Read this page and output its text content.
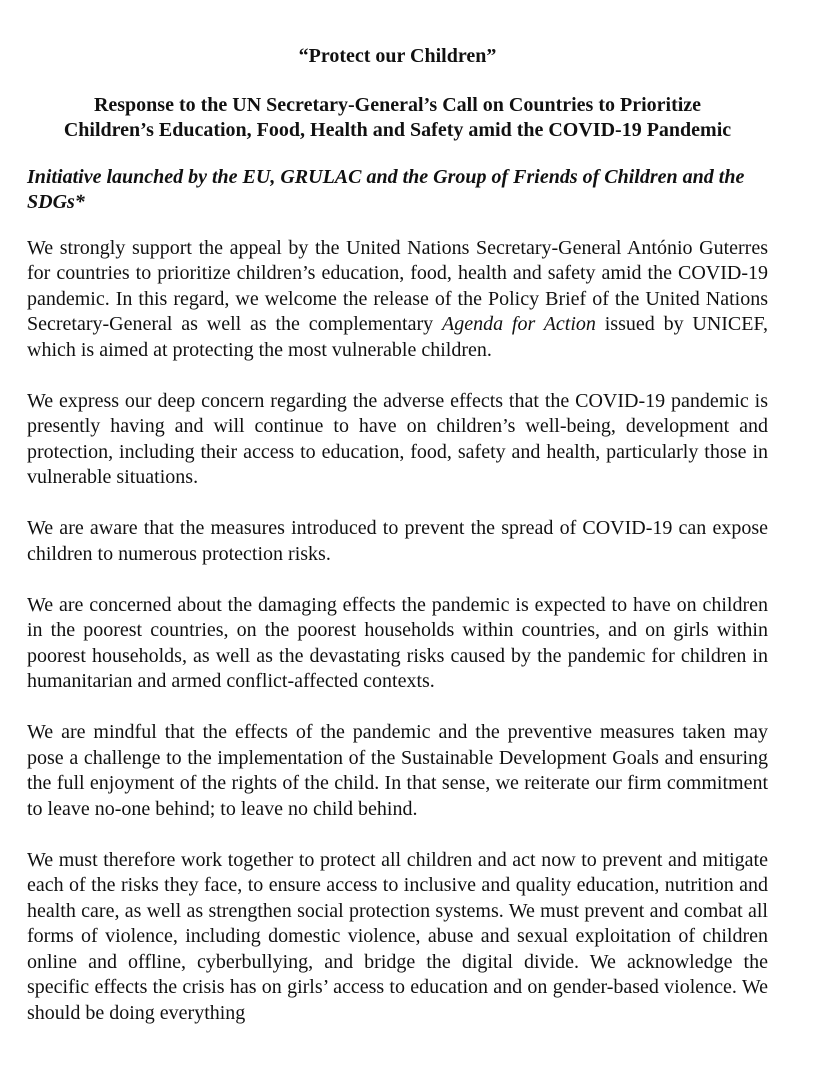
“Protect our Children”
Response to the UN Secretary-General’s Call on Countries to Prioritize
Children’s Education, Food, Health and Safety amid the COVID-19 Pandemic
Initiative launched by the EU, GRULAC and the Group of Friends of Children and the SDGs*

We strongly support the appeal by the United Nations Secretary-General António Guterres for countries to prioritize children’s education, food, health and safety amid the COVID-19 pandemic. In this regard, we welcome the release of the Policy Brief of the United Nations Secretary-General as well as the complementary Agenda for Action issued by UNICEF, which is aimed at protecting the most vulnerable children.

We express our deep concern regarding the adverse effects that the COVID-19 pandemic is presently having and will continue to have on children’s well-being, development and protection, including their access to education, food, safety and health, particularly those in vulnerable situations.

We are aware that the measures introduced to prevent the spread of COVID-19 can expose children to numerous protection risks.

We are concerned about the damaging effects the pandemic is expected to have on children in the poorest countries, on the poorest households within countries, and on girls within poorest households, as well as the devastating risks caused by the pandemic for children in humanitarian and armed conflict-affected contexts.

We are mindful that the effects of the pandemic and the preventive measures taken may pose a challenge to the implementation of the Sustainable Development Goals and ensuring the full enjoyment of the rights of the child. In that sense, we reiterate our firm commitment to leave no-one behind; to leave no child behind.

We must therefore work together to protect all children and act now to prevent and mitigate each of the risks they face, to ensure access to inclusive and quality education, nutrition and health care, as well as strengthen social protection systems. We must prevent and combat all forms of violence, including domestic violence, abuse and sexual exploitation of children online and offline, cyberbullying, and bridge the digital divide. We acknowledge the specific effects the crisis has on girls’ access to education and on gender-based violence. We should be doing everything
